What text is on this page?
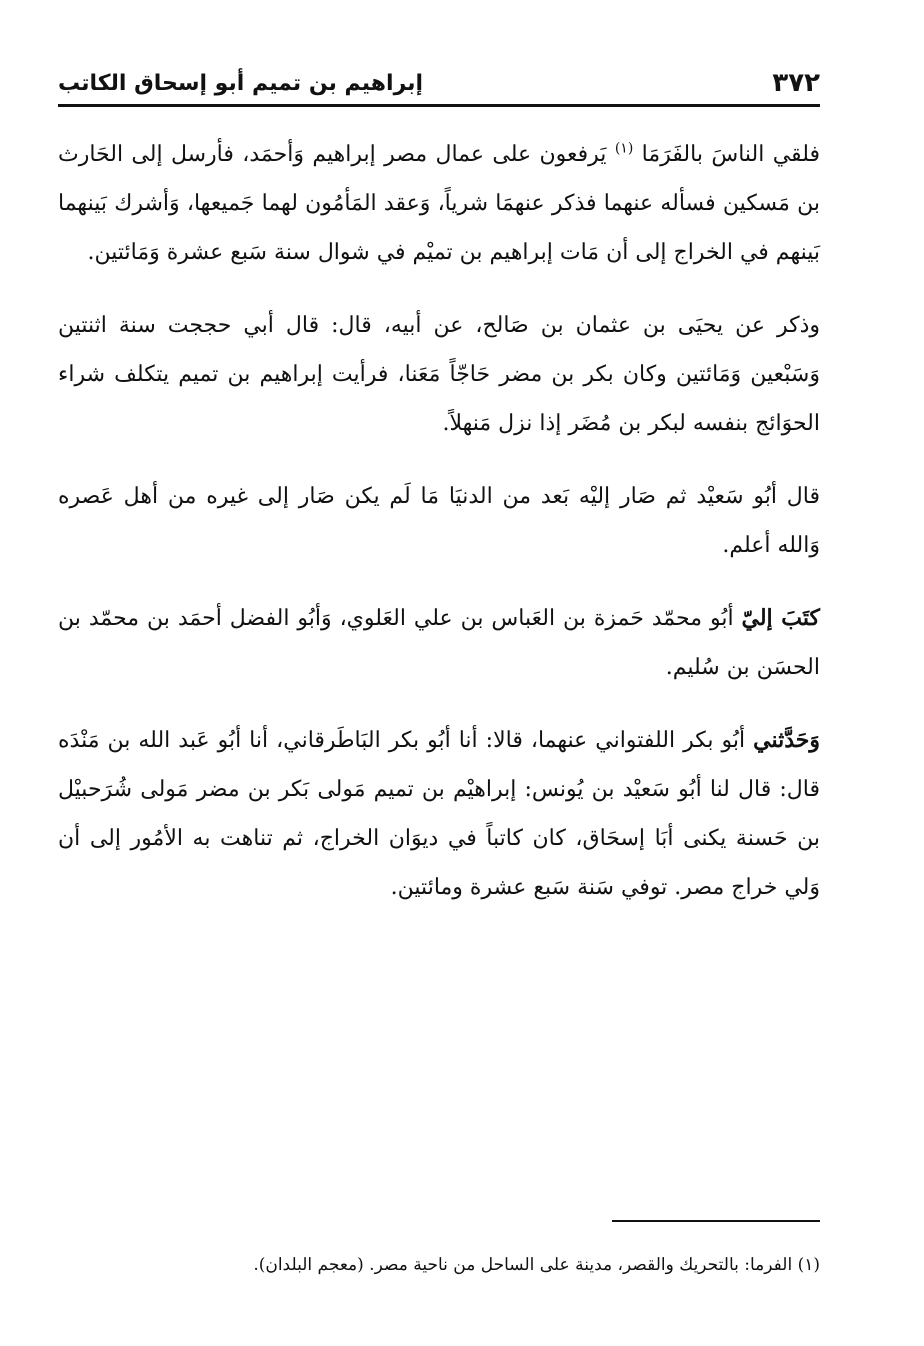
٣٧٢
إبراهيم بن تميم أبو إسحاق الكاتب

فلقي الناسَ بالفَرَمَا $^{(١)}$ يَرفعون على عمال مصر إبراهيم وَأحمَد، فأرسل إلى الحَارث بن مَسكين فسأله عنهما فذكر عنهمَا شرياً، وَعقد المَأمُون لهما جَميعها، وَأشرك بَينهما بَينهم في الخراج إلى أن مَات إبراهيم بن تميْم في شوال سنة سَبع عشرة وَمَائتين.

وذكر عن يحيَى بن عثمان بن صَالح، عن أبيه، قال: قال أبي حججت سنة اثنتين وَسَبْعين وَمَائتين وكان بكر بن مضر حَاجّاً مَعَنا، فرأيت إبراهيم بن تميم يتكلف شراء الحوَائج بنفسه لبكر بن مُضَر إذا نزل مَنهلاً.

قال أبُو سَعيْد ثم صَار إليْه بَعد من الدنيَا مَا لَم يكن صَار إلى غيره من أهل عَصره وَالله أعلم.

كتَبَ إليّ أبُو محمّد حَمزة بن العَباس بن علي العَلوي، وَأبُو الفضل أحمَد بن محمّد بن الحسَن بن سُليم.

وَحَدَّثني أبُو بكر اللفتواني عنهما، قالا: أنا أبُو بكر البَاطَرقاني، أنا أبُو عَبد الله بن مَنْدَه قال: قال لنا أبُو سَعيْد بن يُونس: إبراهيْم بن تميم مَولى بَكر بن مضر مَولى شُرَحبيْل بن حَسنة يكنى أبَا إسحَاق، كان كاتباً في ديوَان الخراج، ثم تناهت به الأمُور إلى أن وَلي خراج مصر. توفي سَنة سَبع عشرة ومائتين.

(١) الفرما: بالتحريك والقصر، مدينة على الساحل من ناحية مصر. (معجم البلدان).
